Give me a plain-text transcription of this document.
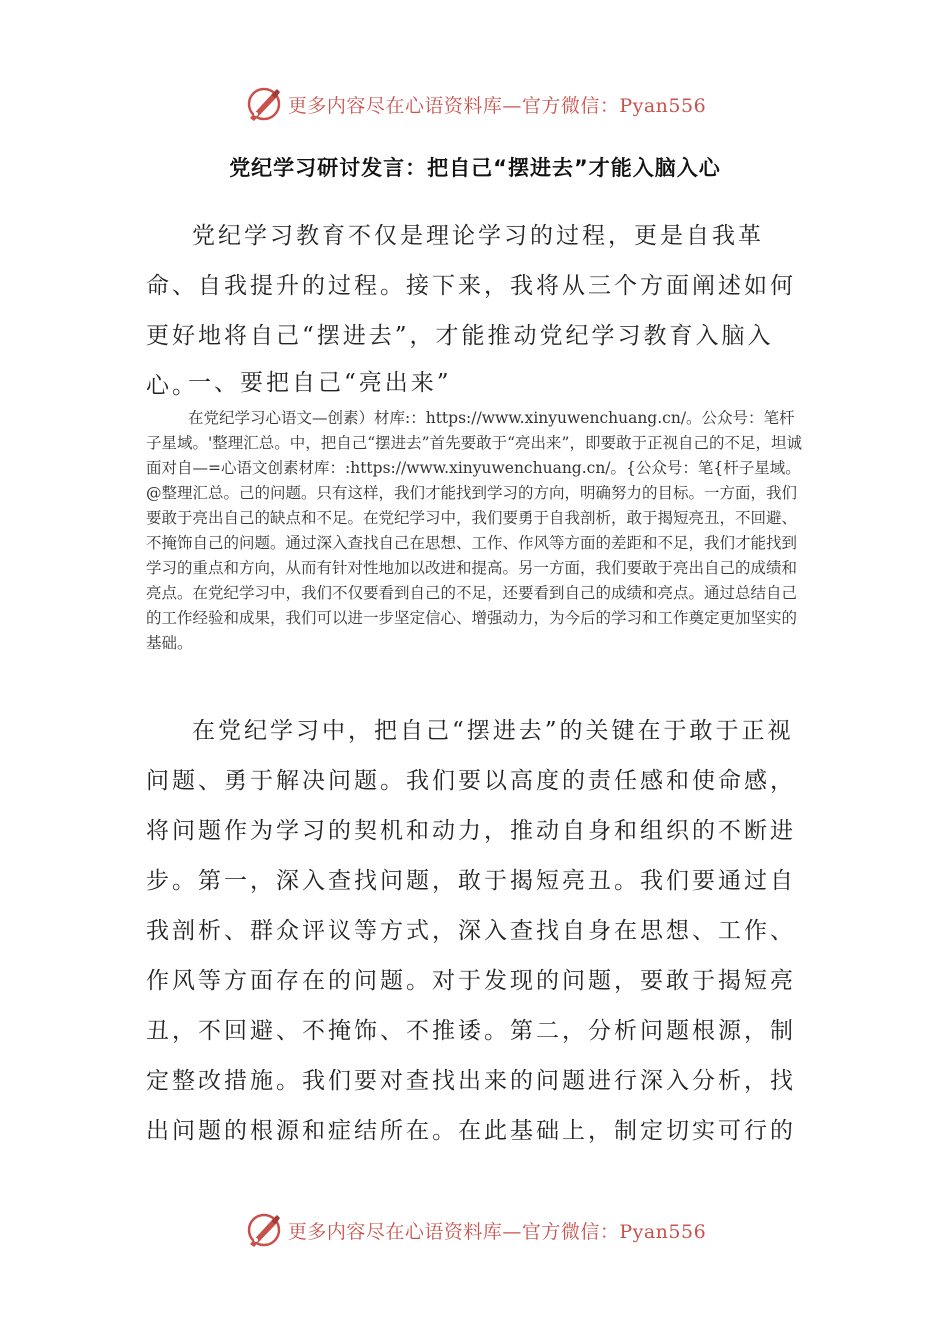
更多内容尽在心语资料库—官方微信：Pyan556
党纪学习研讨发言：把自己“摆进去”才能入脑入心

党纪学习教育不仅是理论学习的过程，更是自我革命、自我提升的过程。接下来，我将从三个方面阐述如何更好地将自己“摆进去”，才能推动党纪学习教育入脑入心。

一、要把自己“亮出来”

在党纪学习心语文—创素）材库:：https://www.xinyuwenchuang.cn/。公众号：笔杆子星域。'整理汇总。中，把自己“摆进去”首先要敢于“亮出来”，即要敢于正视自己的不足，坦诚面对自—=心语文创素材库：:https://www.xinyuwenchuang.cn/。{公众号：笔{杆子星域。@整理汇总。己的问题。只有这样，我们才能找到学习的方向，明确努力的目标。一方面，我们要敢于亮出自己的缺点和不足。在党纪学习中，我们要勇于自我剖析，敢于揭短亮丑，不回避、不掩饰自己的问题。通过深入查找自己在思想、工作、作风等方面的差距和不足，我们才能找到学习的重点和方向，从而有针对性地加以改进和提高。另一方面，我们要敢于亮出自己的成绩和亮点。在党纪学习中，我们不仅要看到自己的不足，还要看到自己的成绩和亮点。通过总结自己的工作经验和成果，我们可以进一步坚定信心、增强动力，为今后的学习和工作奠定更加坚实的基础。

在党纪学习中，把自己“摆进去”的关键在于敢于正视问题、勇于解决问题。我们要以高度的责任感和使命感，将问题作为学习的契机和动力，推动自身和组织的不断进步。第一，深入查找问题，敢于揭短亮丑。我们要通过自我剖析、群众评议等方式，深入查找自身在思想、工作、作风等方面存在的问题。对于发现的问题，要敢于揭短亮丑，不回避、不掩饰、不推诿。第二，分析问题根源，制定整改措施。我们要对查找出来的问题进行深入分析，找出问题的根源和症结所在。在此基础上，制定切实可行的

更多内容尽在心语资料库—官方微信：Pyan556
